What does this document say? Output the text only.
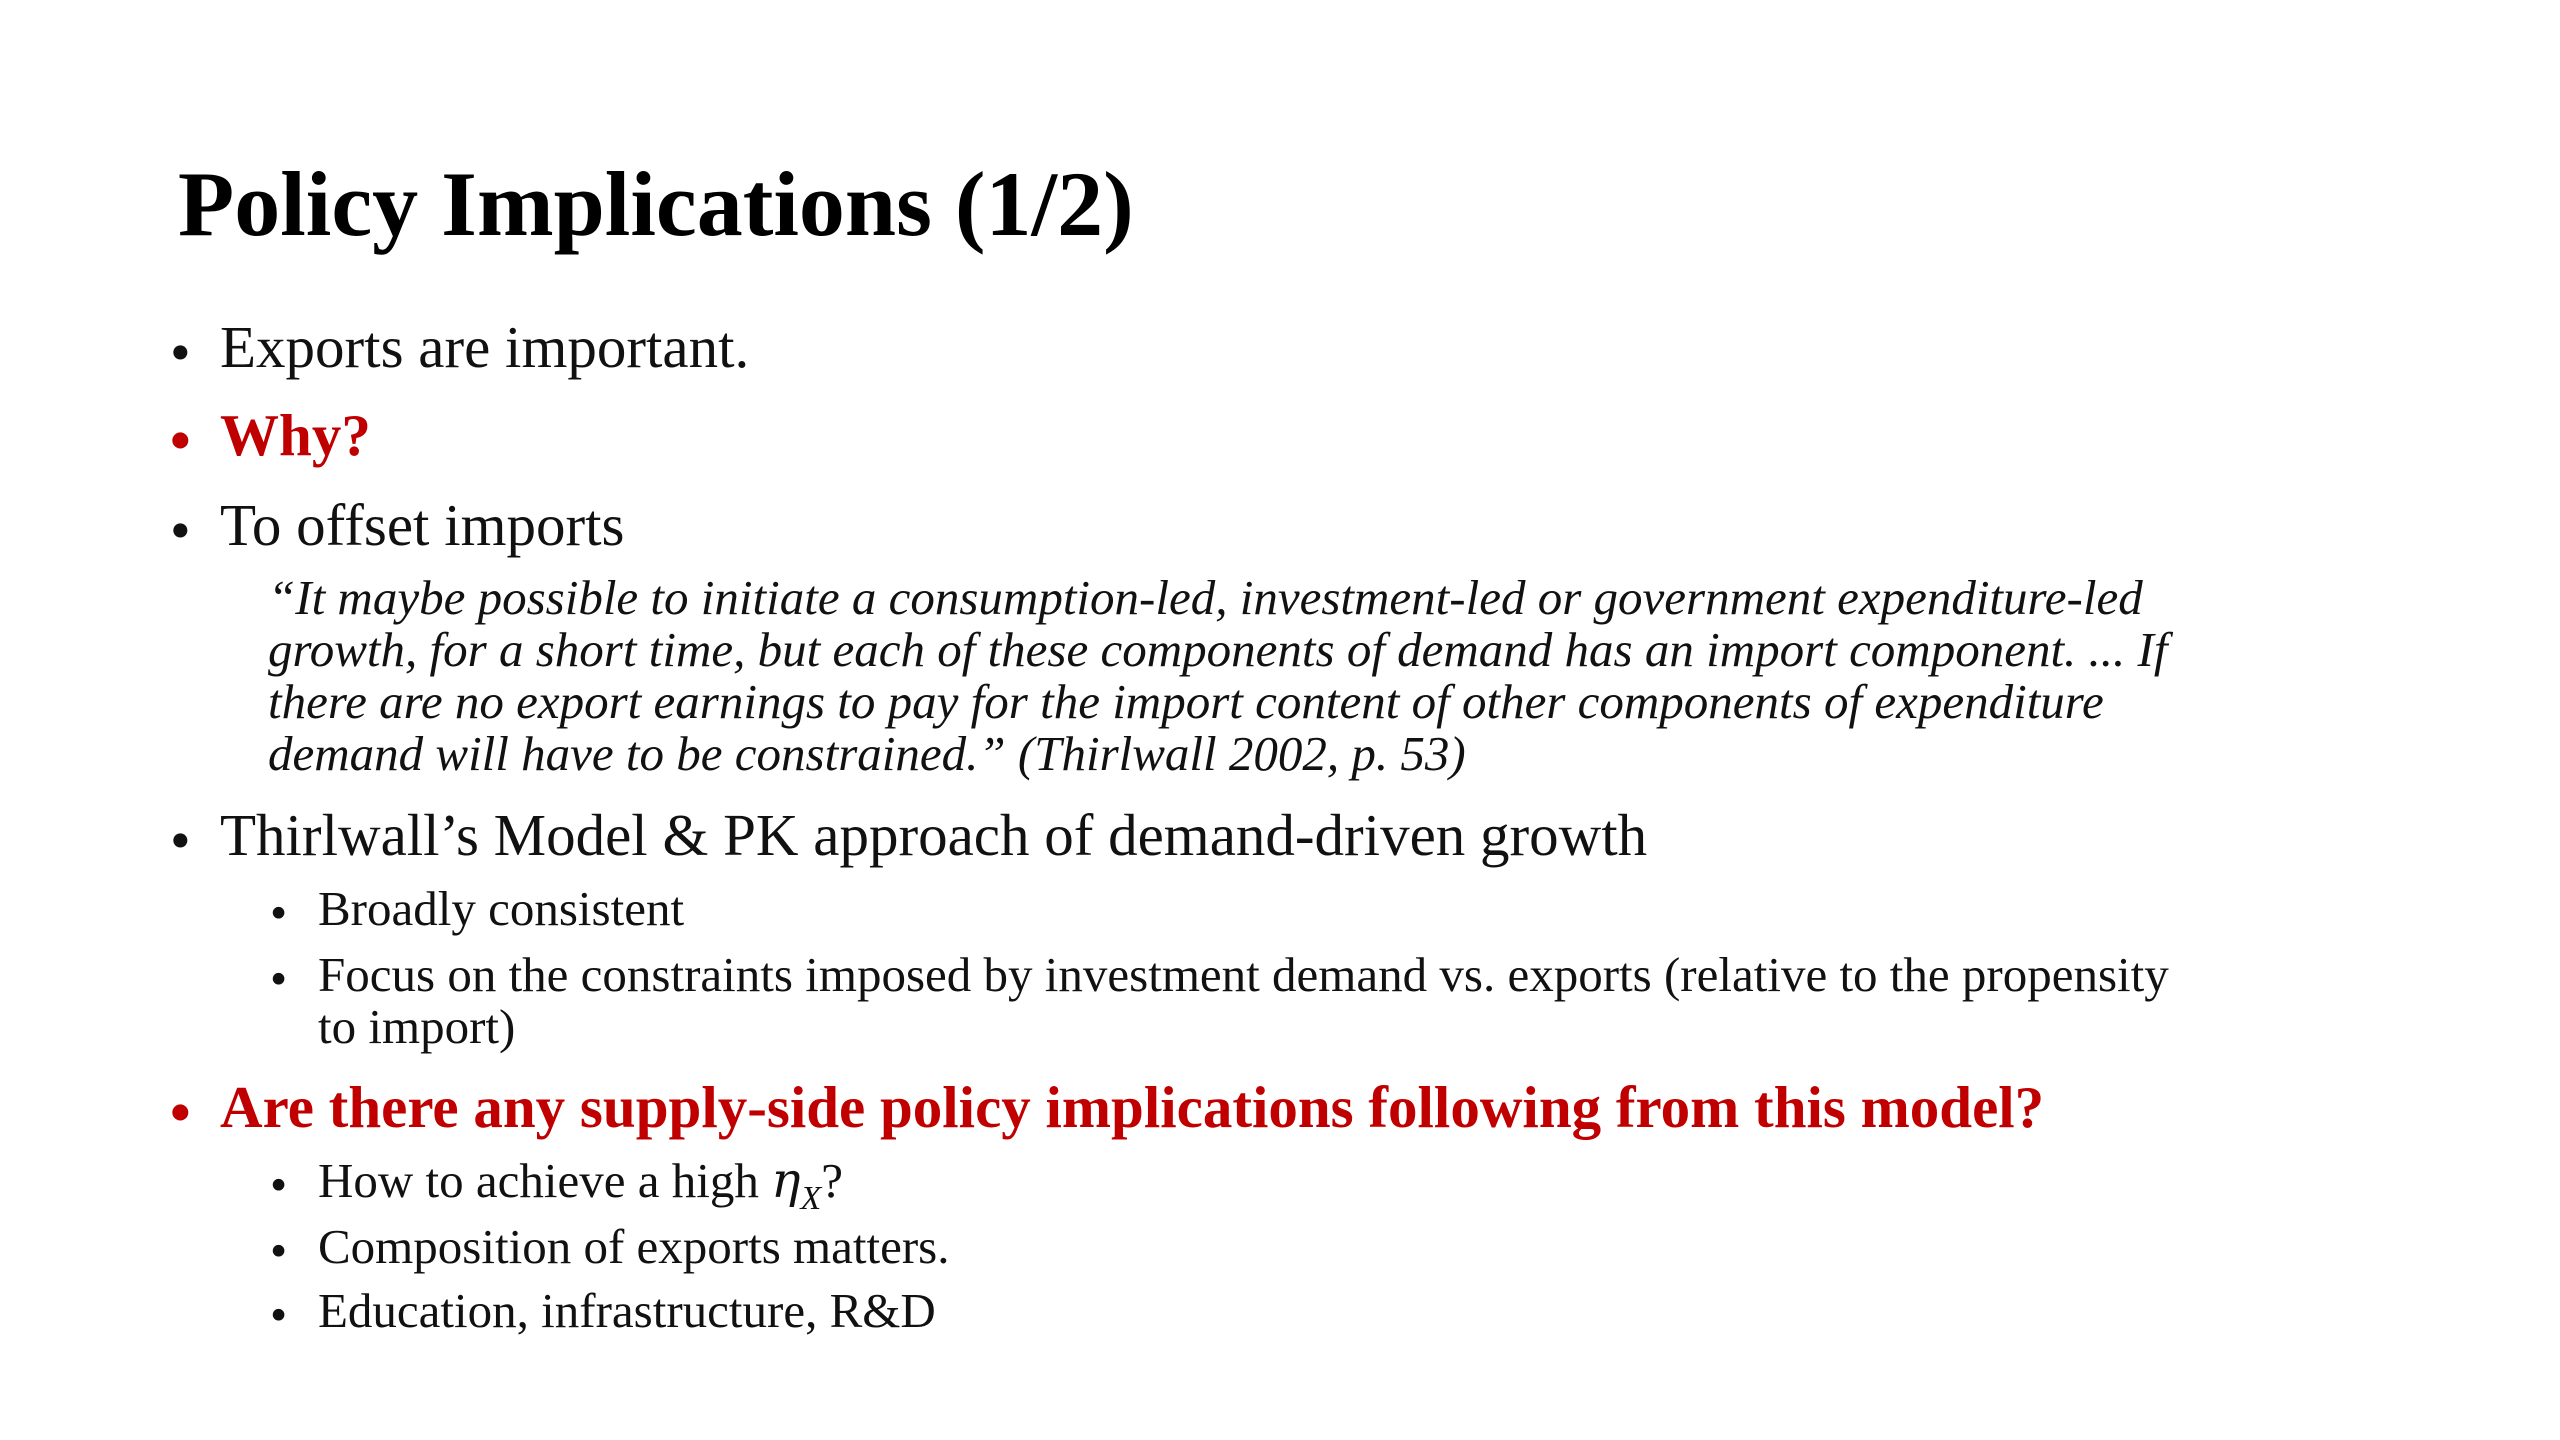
Policy Implications (1/2)
• Exports are important.
• Why?
• To offset imports
“It maybe possible to initiate a consumption-led, investment-led or government expenditure-led
growth, for a short time, but each of these components of demand has an import component. ... If
there are no export earnings to pay for the import content of other components of expenditure
demand will have to be constrained.” (Thirlwall 2002, p. 53)
• Thirlwall’s Model & PK approach of demand-driven growth
• Broadly consistent
• Focus on the constraints imposed by investment demand vs. exports (relative to the propensity
to import)
• Are there any supply-side policy implications following from this model?
• How to achieve a high $\eta_X$?
• Composition of exports matters.
• Education, infrastructure, R&D
